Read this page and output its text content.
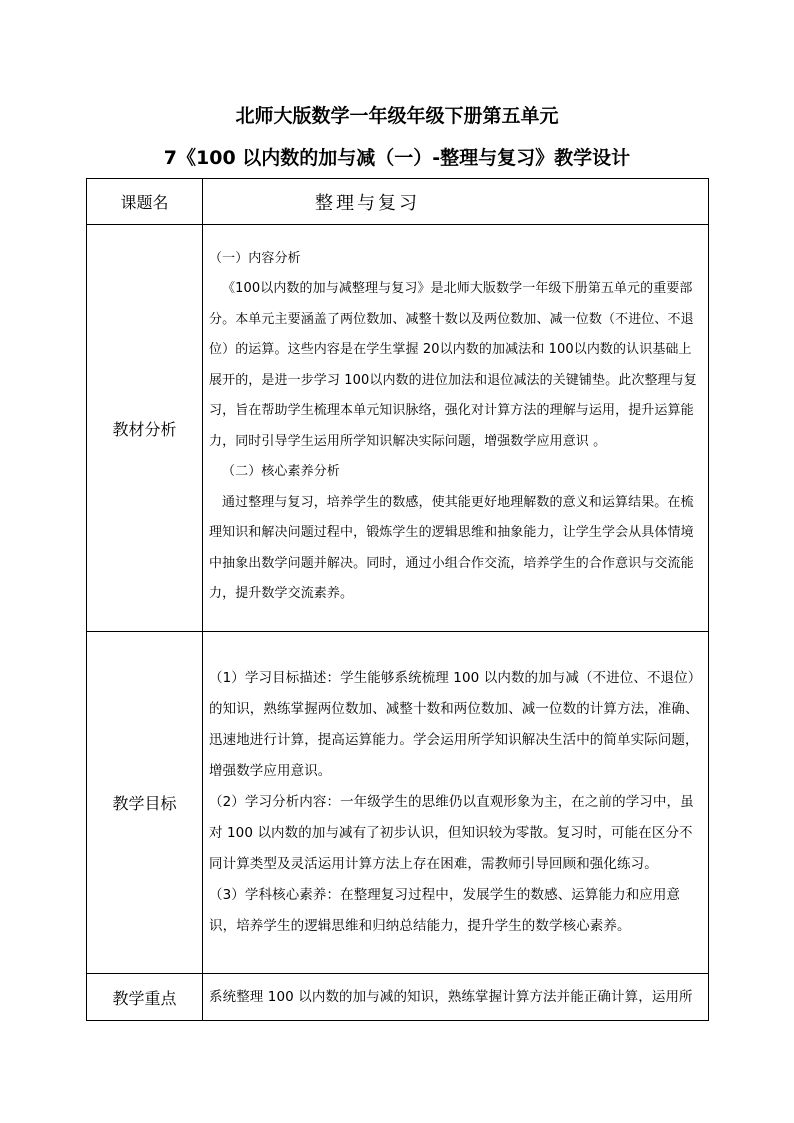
北师大版数学一年级年级下册第五单元
7《100 以内数的加与减（一）-整理与复习》教学设计
课题名	整理与复习
教材分析	（一）内容分析
《100以内数的加与减整理与复习》是北师大版数学一年级下册第五单元的重要部分。本单元主要涵盖了两位数加、减整十数以及两位数加、减一位数（不进位、不退位）的运算。这些内容是在学生掌握 20以内数的加减法和 100以内数的认识基础上展开的，是进一步学习 100以内数的进位加法和退位减法的关键铺垫。此次整理与复习，旨在帮助学生梳理本单元知识脉络，强化对计算方法的理解与运用，提升运算能力，同时引导学生运用所学知识解决实际问题，增强数学应用意识 。
（二）核心素养分析
通过整理与复习，培养学生的数感，使其能更好地理解数的意义和运算结果。在梳理知识和解决问题过程中，锻炼学生的逻辑思维和抽象能力，让学生学会从具体情境中抽象出数学问题并解决。同时，通过小组合作交流，培养学生的合作意识与交流能力，提升数学交流素养。

教学目标	（1）学习目标描述：学生能够系统梳理 100 以内数的加与减（不进位、不退位）的知识，熟练掌握两位数加、减整十数和两位数加、减一位数的计算方法，准确、迅速地进行计算，提高运算能力。学会运用所学知识解决生活中的简单实际问题，增强数学应用意识。
（2）学习分析内容：一年级学生的思维仍以直观形象为主，在之前的学习中，虽对 100 以内数的加与减有了初步认识，但知识较为零散。复习时，可能在区分不同计算类型及灵活运用计算方法上存在困难，需教师引导回顾和强化练习。
（3）学科核心素养：在整理复习过程中，发展学生的数感、运算能力和应用意识，培养学生的逻辑思维和归纳总结能力，提升学生的数学核心素养。

教学重点	系统整理 100 以内数的加与减的知识，熟练掌握计算方法并能正确计算，运用所
